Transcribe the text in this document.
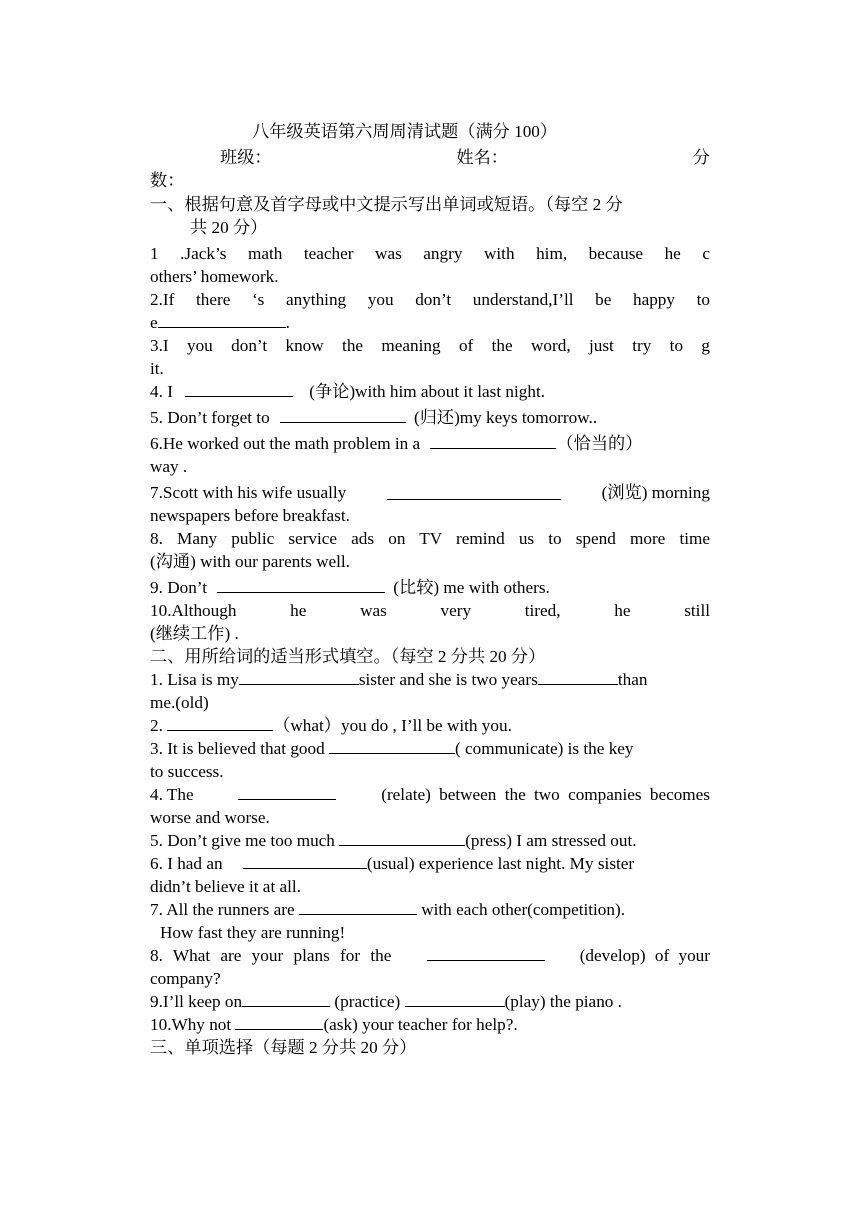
八年级英语第六周周清试题（满分 100）

班级：	姓名：	分

数：

一、根据句意及首字母或中文提示写出单词或短语。（每空 2 分

共 20 分）

1 .Jack’s math teacher was angry with him, because he c

others’ homework.

2.If there ‘s anything you don’t understand,I’ll be happy to

e	.

3.I you don’t know the meaning of the word, just try to g

it.

4. I	(争论)with him about it last night.

5. Don’t forget to	(归还)my keys tomorrow..

6.He worked out the math problem in a	（恰当的）

way .

7.Scott with his wife usually	(浏览) morning

newspapers before breakfast.

8. Many public service ads on TV remind us to spend more time

(沟通) with our parents well.

9. Don’t	(比较) me with others.

10.Although he was very tired, he still

(继续工作) .

二、用所给词的适当形式填空。（每空 2 分共 20 分）

1. Lisa is my	sister and she is two years	than

me.(old)

2.	（what）you do , I’ll be with you.

3. It is believed that good	( communicate) is the key

to success.

4. The	(relate) between the two companies becomes

worse and worse.

5. Don’t give me too much	(press) I am stressed out.

6. I had an	(usual) experience last night. My sister

didn’t believe it at all.

7. All the runners are	with each other(competition).

How fast they are running!

8. What are your plans for the	(develop) of your

company?

9.I’ll keep on	(practice)	(play) the piano .

10.Why not	(ask) your teacher for help?.

三、单项选择（每题 2 分共 20 分）
